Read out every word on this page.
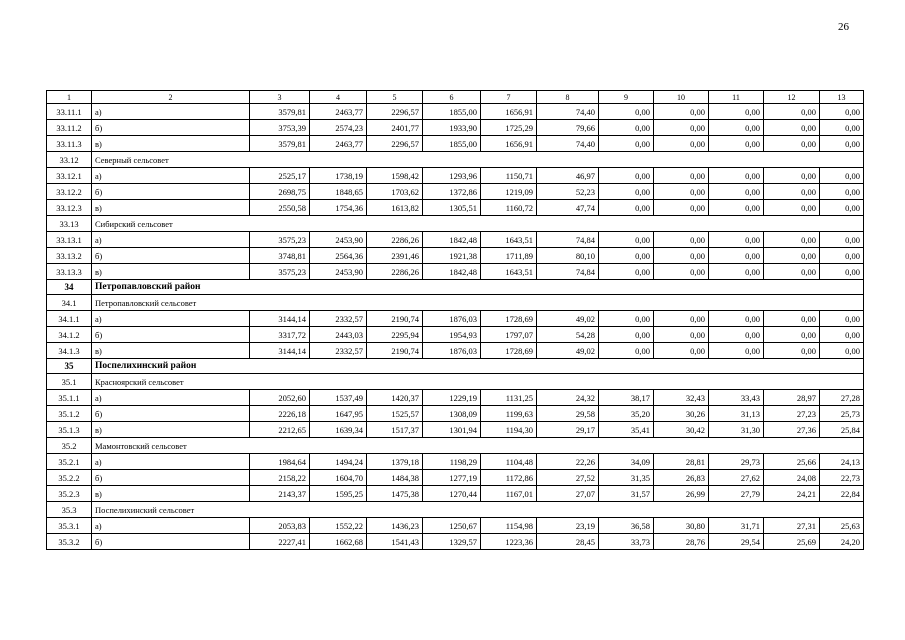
26
1	2	3	4	5	6	7	8	9	10	11	12	13
33.11.1	а)	3579,81	2463,77	2296,57	1855,00	1656,91	74,40	0,00	0,00	0,00	0,00	0,00
33.11.2	б)	3753,39	2574,23	2401,77	1933,90	1725,29	79,66	0,00	0,00	0,00	0,00	0,00
33.11.3	в)	3579,81	2463,77	2296,57	1855,00	1656,91	74,40	0,00	0,00	0,00	0,00	0,00
33.12	Северный сельсовет											
33.12.1	а)	2525,17	1738,19	1598,42	1293,96	1150,71	46,97	0,00	0,00	0,00	0,00	0,00
33.12.2	б)	2698,75	1848,65	1703,62	1372,86	1219,09	52,23	0,00	0,00	0,00	0,00	0,00
33.12.3	в)	2550,58	1754,36	1613,82	1305,51	1160,72	47,74	0,00	0,00	0,00	0,00	0,00
33.13	Сибирский сельсовет											
33.13.1	а)	3575,23	2453,90	2286,26	1842,48	1643,51	74,84	0,00	0,00	0,00	0,00	0,00
33.13.2	б)	3748,81	2564,36	2391,46	1921,38	1711,89	80,10	0,00	0,00	0,00	0,00	0,00
33.13.3	в)	3575,23	2453,90	2286,26	1842,48	1643,51	74,84	0,00	0,00	0,00	0,00	0,00
34	Петропавловский район											
34.1	Петропавловский сельсовет											
34.1.1	а)	3144,14	2332,57	2190,74	1876,03	1728,69	49,02	0,00	0,00	0,00	0,00	0,00
34.1.2	б)	3317,72	2443,03	2295,94	1954,93	1797,07	54,28	0,00	0,00	0,00	0,00	0,00
34.1.3	в)	3144,14	2332,57	2190,74	1876,03	1728,69	49,02	0,00	0,00	0,00	0,00	0,00
35	Поспелихинский район											
35.1	Красноярский сельсовет											
35.1.1	а)	2052,60	1537,49	1420,37	1229,19	1131,25	24,32	38,17	32,43	33,43	28,97	27,28
35.1.2	б)	2226,18	1647,95	1525,57	1308,09	1199,63	29,58	35,20	30,26	31,13	27,23	25,73
35.1.3	в)	2212,65	1639,34	1517,37	1301,94	1194,30	29,17	35,41	30,42	31,30	27,36	25,84
35.2	Мамонтовский сельсовет											
35.2.1	а)	1984,64	1494,24	1379,18	1198,29	1104,48	22,26	34,09	28,81	29,73	25,66	24,13
35.2.2	б)	2158,22	1604,70	1484,38	1277,19	1172,86	27,52	31,35	26,83	27,62	24,08	22,73
35.2.3	в)	2143,37	1595,25	1475,38	1270,44	1167,01	27,07	31,57	26,99	27,79	24,21	22,84
35.3	Поспелихинский сельсовет											
35.3.1	а)	2053,83	1552,22	1436,23	1250,67	1154,98	23,19	36,58	30,80	31,71	27,31	25,63
35.3.2	б)	2227,41	1662,68	1541,43	1329,57	1223,36	28,45	33,73	28,76	29,54	25,69	24,20
